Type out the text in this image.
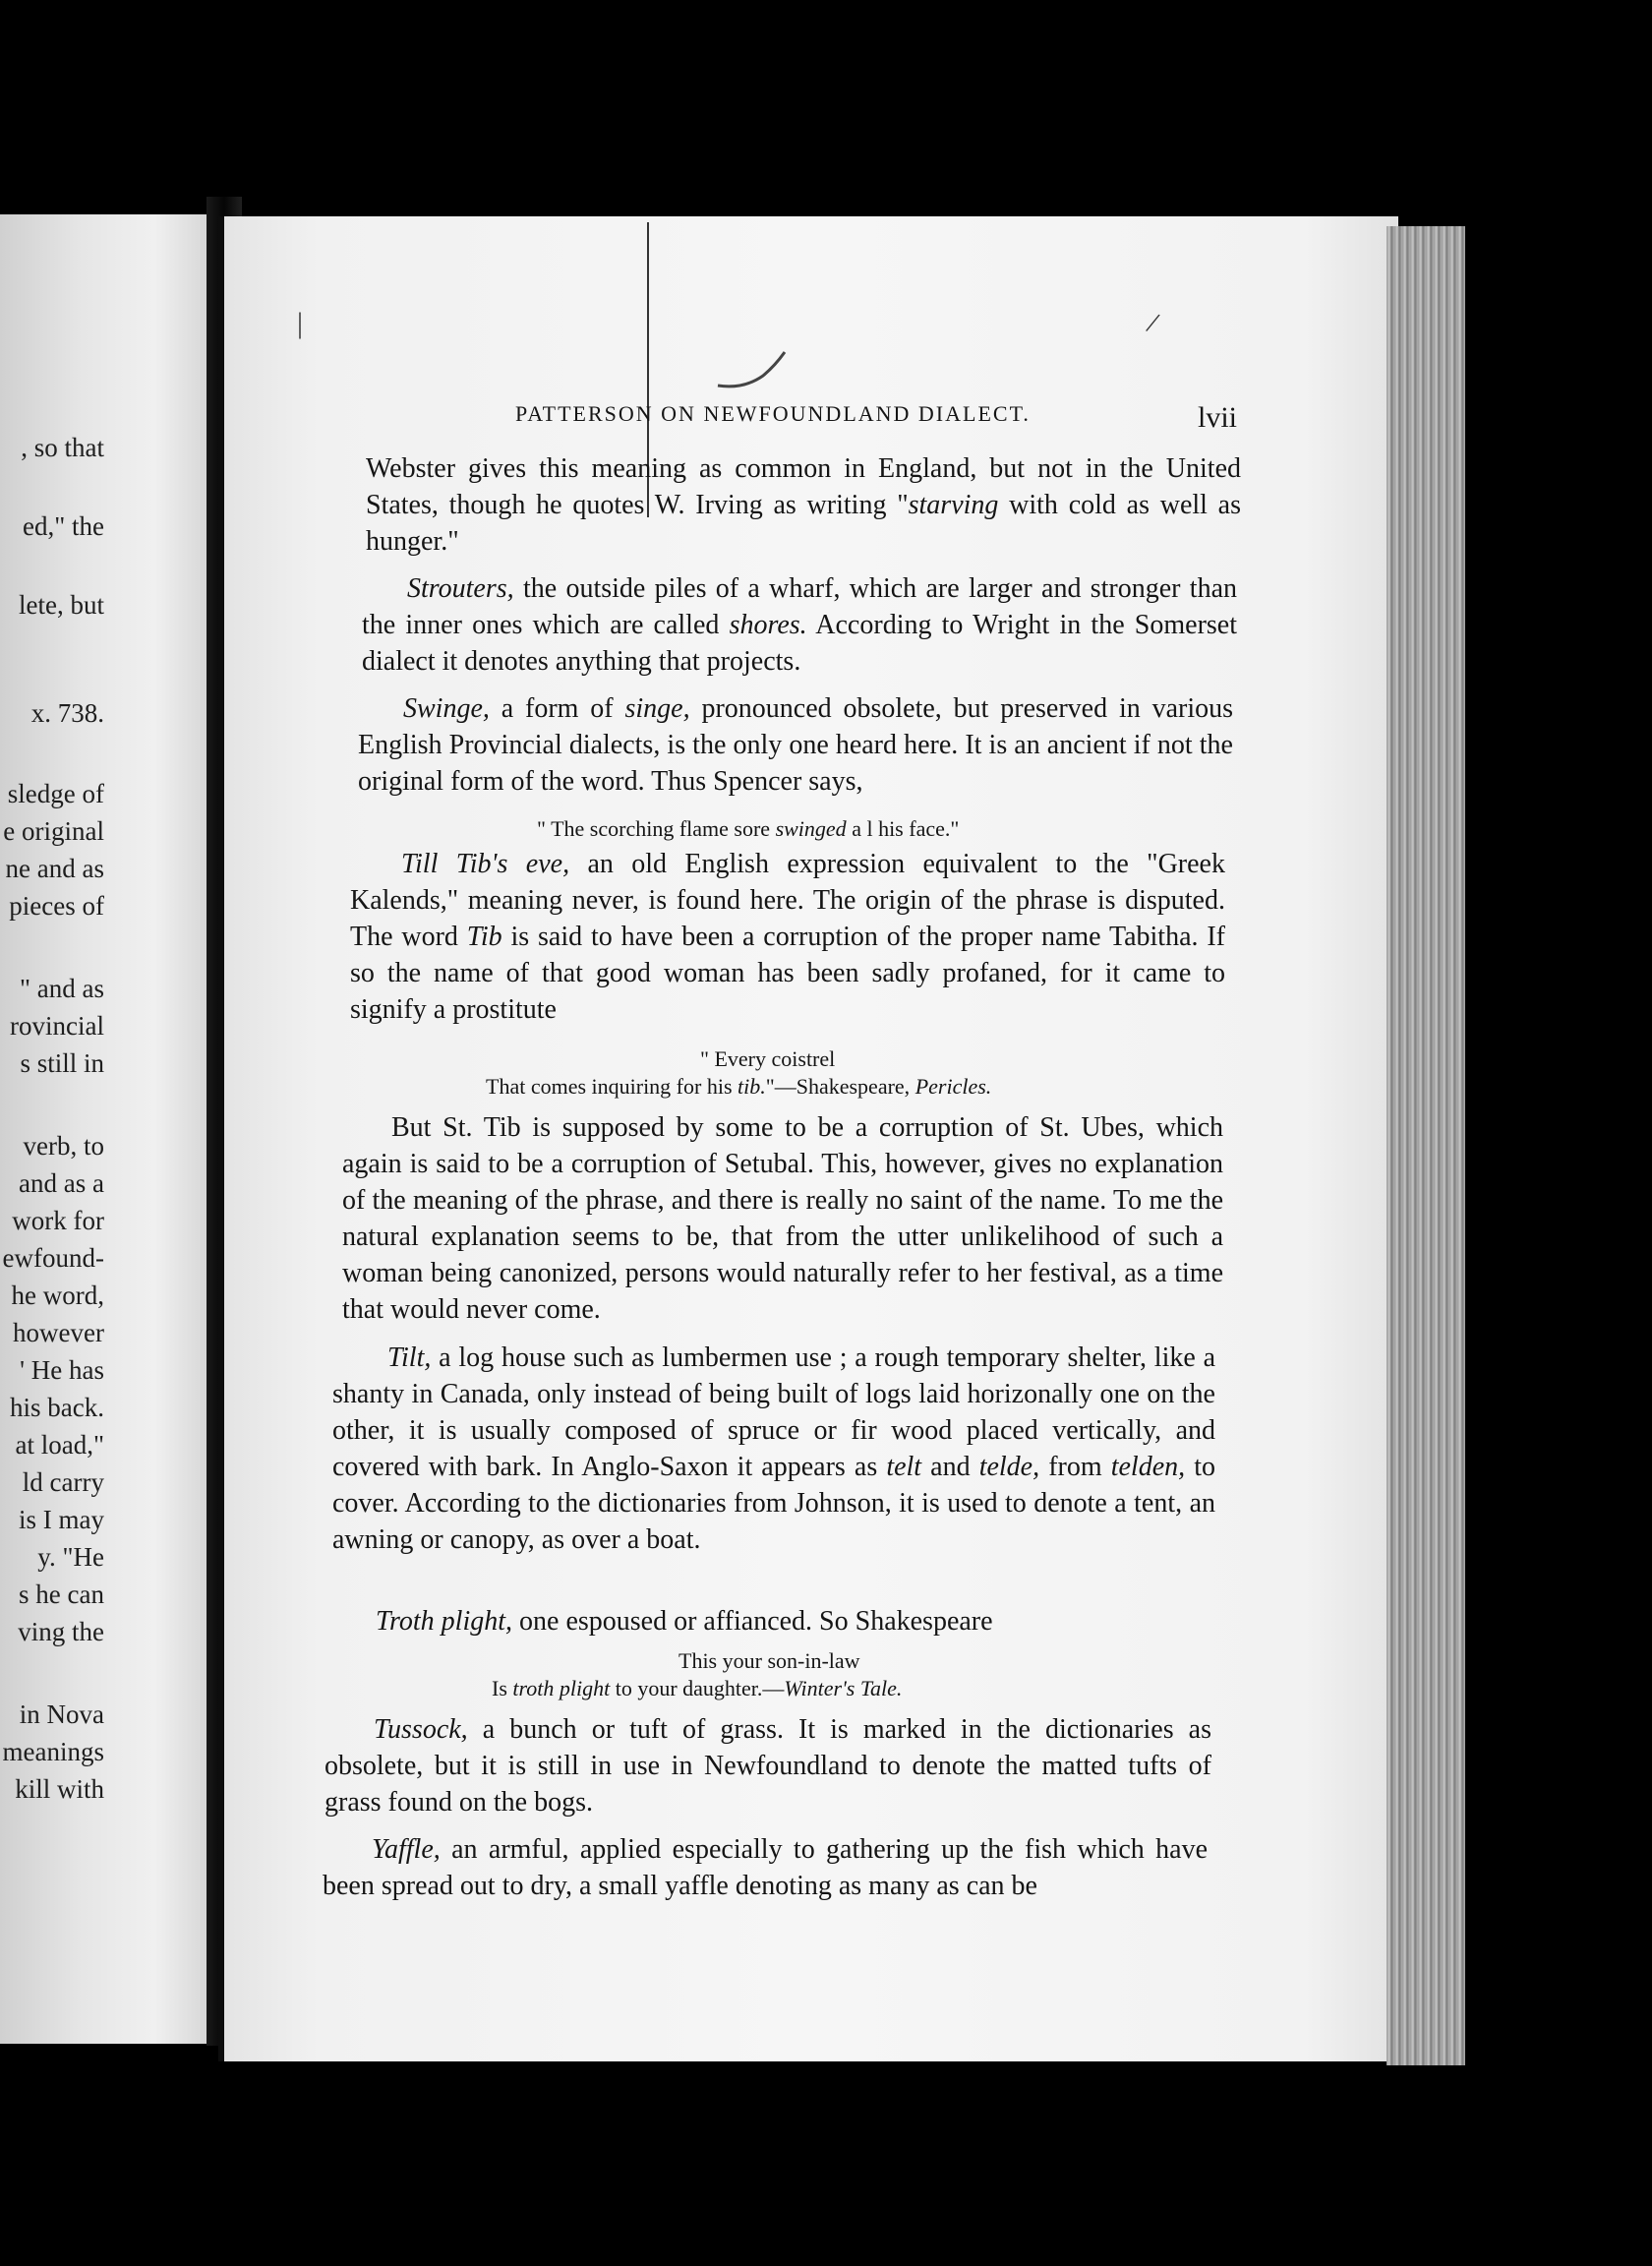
, so that
ed," the
lete, but
x. 738.
sledge of
e original
ne and as
pieces of
" and as
rovincial
s still in
verb, to
and as a
work for
ewfound-
he word,
however
' He has
his back.
at load,"
ld carry
is I may
y. "He
s he can
ving the
in Nova
meanings
kill with
|	/
PATTERSON ON NEWFOUNDLAND DIALECT.	lvii
Webster gives this meaning as common in England, but not in the United States, though he quotes W. Irving as writing "starving with cold as well as hunger."
Strouters, the outside piles of a wharf, which are larger and stronger than the inner ones which are called shores. According to Wright in the Somerset dialect it denotes anything that projects.
Swinge, a form of singe, pronounced obsolete, but preserved in various English Provincial dialects, is the only one heard here. It is an ancient if not the original form of the word. Thus Spencer says,
" The scorching flame sore swinged a l his face."
Till Tib's eve, an old English expression equivalent to the "Greek Kalends," meaning never, is found here. The origin of the phrase is disputed. The word Tib is said to have been a corruption of the proper name Tabitha. If so the name of that good woman has been sadly profaned, for it came to signify a prostitute
" Every coistrel
That comes inquiring for his tib."—Shakespeare, Pericles.
But St. Tib is supposed by some to be a corruption of St. Ubes, which again is said to be a corruption of Setubal. This, however, gives no explanation of the meaning of the phrase, and there is really no saint of the name. To me the natural explanation seems to be, that from the utter unlikelihood of such a woman being canonized, persons would naturally refer to her festival, as a time that would never come.
Tilt, a log house such as lumbermen use ; a rough temporary shelter, like a shanty in Canada, only instead of being built of logs laid horizonally one on the other, it is usually composed of spruce or fir wood placed vertically, and covered with bark. In Anglo-Saxon it appears as telt and telde, from telden, to cover. According to the dictionaries from Johnson, it is used to denote a tent, an awning or canopy, as over a boat.
Troth plight, one espoused or affianced. So Shakespeare
This your son-in-law
Is troth plight to your daughter.—Winter's Tale.
Tussock, a bunch or tuft of grass. It is marked in the dictionaries as obsolete, but it is still in use in Newfoundland to denote the matted tufts of grass found on the bogs.
Yaffle, an armful, applied especially to gathering up the fish which have been spread out to dry, a small yaffle denoting as many as can be
